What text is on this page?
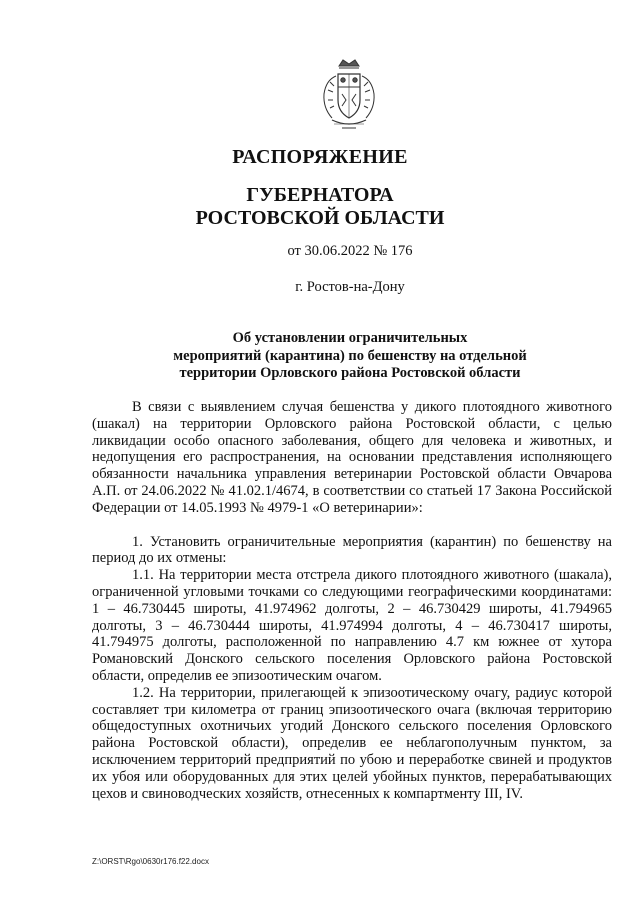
РАСПОРЯЖЕНИЕ
ГУБЕРНАТОРА
РОСТОВСКОЙ ОБЛАСТИ
от 30.06.2022 № 176
г. Ростов-на-Дону
Об установлении ограничительных
мероприятий (карантина) по бешенству на отдельной
территории Орловского района Ростовской области

В связи с выявлением случая бешенства у дикого плотоядного животного (шакал) на территории Орловского района Ростовской области, с целью ликвидации особо опасного заболевания, общего для человека и животных, и недопущения его распространения, на основании представления исполняющего обязанности начальника управления ветеринарии Ростовской области Овчарова А.П. от 24.06.2022 № 41.02.1/4674, в соответствии со статьей 17 Закона Российской Федерации от 14.05.1993 № 4979-1 «О ветеринарии»:

1. Установить ограничительные мероприятия (карантин) по бешенству на период до их отмены:

1.1. На территории места отстрела дикого плотоядного животного (шакала), ограниченной угловыми точками со следующими географическими координатами: 1 – 46.730445 широты, 41.974962 долготы, 2 – 46.730429 широты, 41.794965 долготы, 3 – 46.730444 широты, 41.974994 долготы, 4 – 46.730417 широты, 41.794975 долготы, расположенной по направлению 4.7 км южнее от хутора Романовский Донского сельского поселения Орловского района Ростовской области, определив ее эпизоотическим очагом.

1.2. На территории, прилегающей к эпизоотическому очагу, радиус которой составляет три километра от границ эпизоотического очага (включая территорию общедоступных охотничьих угодий Донского сельского поселения Орловского района Ростовской области), определив ее неблагополучным пунктом, за исключением территорий предприятий по убою и переработке свиней и продуктов их убоя или оборудованных для этих целей убойных пунктов, перерабатывающих цехов и свиноводческих хозяйств, отнесенных к компартменту III, IV.

Z:\ORST\Rgo\0630r176.f22.docx
